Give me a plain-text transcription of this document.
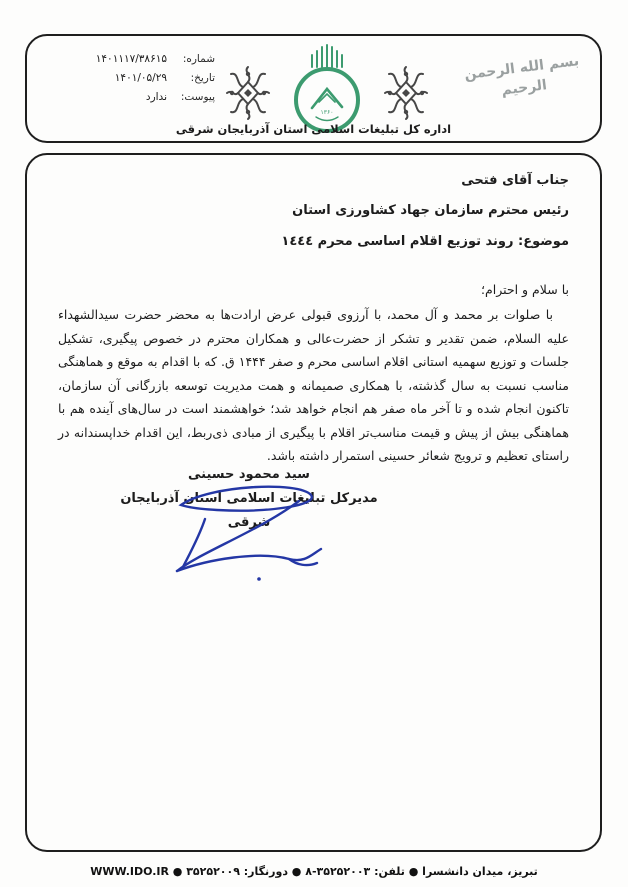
بسم الله الرحمن الرحیم
۱۳۶۰
شماره:
۱۴۰۱۱۱۷/۳۸۶۱۵
تاریخ:
۱۴۰۱/۰۵/۲۹
پیوست:
ندارد
اداره کل تبلیغات اسلامی استان آذربایجان شرقی
جناب آقای فتحی
رئیس محترم سازمان جهاد کشاورزی استان
موضوع: روند توزیع اقلام اساسی محرم ١٤٤٤
با سلام و احترام؛

با صلوات بر محمد و آل محمد، با آرزوی قبولی عرض ارادت‌ها به محضر حضرت سیدالشهداء علیه السلام، ضمن تقدیر و تشکر از حضرت‌عالی و همکاران محترم در خصوص پیگیری، تشکیل جلسات و توزیع سهمیه استانی اقلام اساسی محرم و صفر ۱۴۴۴ ق. که با اقدام به موقع و هماهنگی مناسب نسبت به سال گذشته، با همکاری صمیمانه و همت مدیریت توسعه بازرگانی آن سازمان، تاکنون انجام شده و تا آخر ماه صفر هم انجام خواهد شد؛ خواهشمند است در سال‌های آینده هم با هماهنگی بیش از پیش و قیمت مناسب‌تر اقلام با پیگیری از مبادی ذی‌ربط، این اقدام خداپسندانه در راستای تعظیم و ترویج شعائر حسینی استمرار داشته باشد.

سید محمود حسینی
مدیرکل تبلیغات اسلامی استان آذربایجان شرقی
تبریز، میدان دانشسرا ● تلفن: ۳۵۲۵۲۰۰۳-۸ ● دورنگار: ۳۵۲۵۲۰۰۹ ● WWW.IDO.IR
